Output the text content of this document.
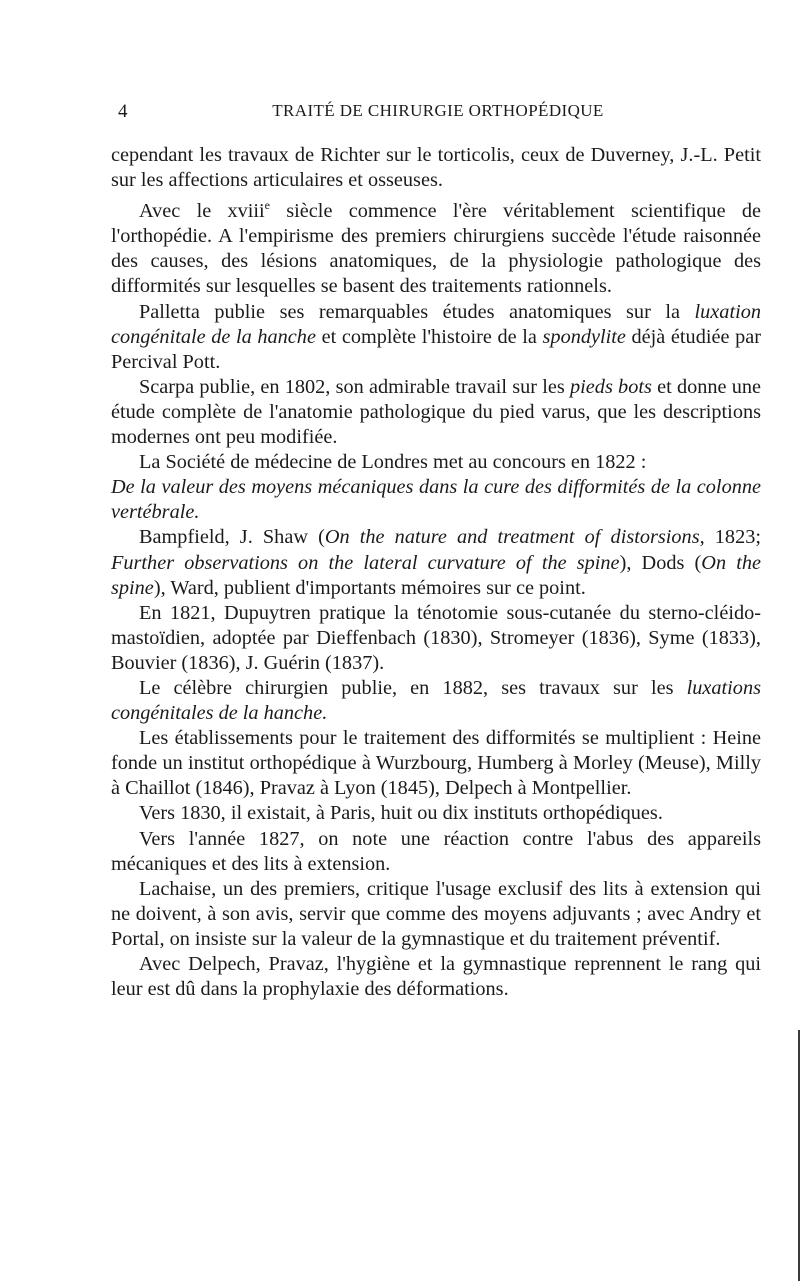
4	TRAITÉ DE CHIRURGIE ORTHOPÉDIQUE

cependant les travaux de Richter sur le torticolis, ceux de Duverney, J.-L. Petit sur les affections articulaires et osseuses.

Avec le xviii$^e$ siècle commence l'ère véritablement scientifique de l'orthopédie. A l'empirisme des premiers chirurgiens succède l'étude raisonnée des causes, des lésions anatomiques, de la physiologie pathologique des difformités sur lesquelles se basent des traitements rationnels.

Palletta publie ses remarquables études anatomiques sur la luxation congénitale de la hanche et complète l'histoire de la spondylite déjà étudiée par Percival Pott.

Scarpa publie, en 1802, son admirable travail sur les pieds bots et donne une étude complète de l'anatomie pathologique du pied varus, que les descriptions modernes ont peu modifiée.

La Société de médecine de Londres met au concours en 1822 :

De la valeur des moyens mécaniques dans la cure des difformités de la colonne vertébrale.

Bampfield, J. Shaw (On the nature and treatment of distorsions, 1823; Further observations on the lateral curvature of the spine), Dods (On the spine), Ward, publient d'importants mémoires sur ce point.

En 1821, Dupuytren pratique la ténotomie sous-cutanée du sterno-cléido-mastoïdien, adoptée par Dieffenbach (1830), Stromeyer (1836), Syme (1833), Bouvier (1836), J. Guérin (1837).

Le célèbre chirurgien publie, en 1882, ses travaux sur les luxations congénitales de la hanche.

Les établissements pour le traitement des difformités se multiplient : Heine fonde un institut orthopédique à Wurzbourg, Humberg à Morley (Meuse), Milly à Chaillot (1846), Pravaz à Lyon (1845), Delpech à Montpellier.

Vers 1830, il existait, à Paris, huit ou dix instituts orthopédiques.

Vers l'année 1827, on note une réaction contre l'abus des appareils mécaniques et des lits à extension.

Lachaise, un des premiers, critique l'usage exclusif des lits à extension qui ne doivent, à son avis, servir que comme des moyens adjuvants ; avec Andry et Portal, on insiste sur la valeur de la gymnastique et du traitement préventif.

Avec Delpech, Pravaz, l'hygiène et la gymnastique reprennent le rang qui leur est dû dans la prophylaxie des déformations.
